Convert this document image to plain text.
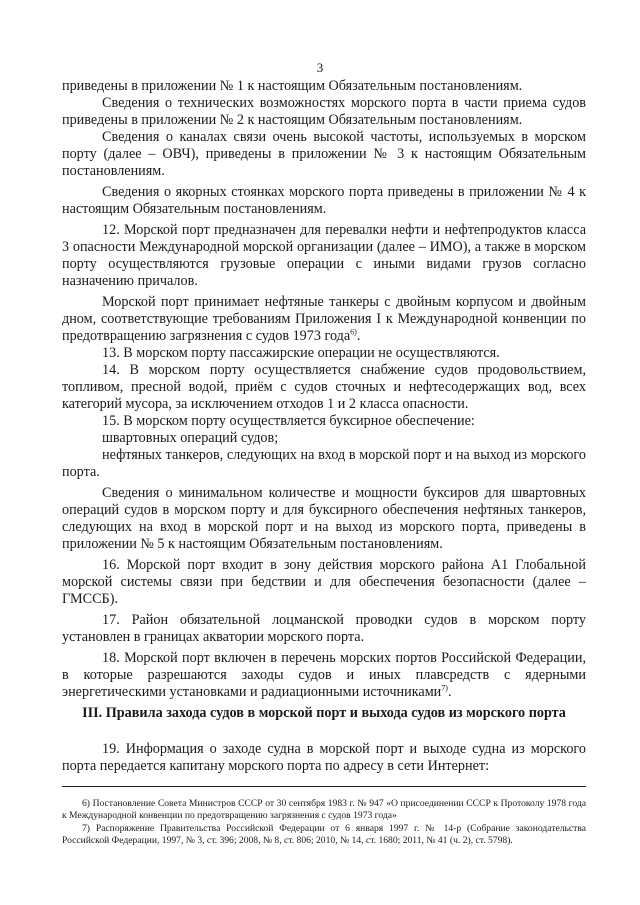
3

приведены в приложении № 1 к настоящим Обязательным постановлениям.

Сведения о технических возможностях морского порта в части приема судов приведены в приложении № 2 к настоящим Обязательным постановлениям.

Сведения о каналах связи очень высокой частоты, используемых в морском порту (далее – ОВЧ), приведены в приложении № 3 к настоящим Обязательным постановлениям.

Сведения о якорных стоянках морского порта приведены в приложении № 4 к настоящим Обязательным постановлениям.

12. Морской порт предназначен для перевалки нефти и нефтепродуктов класса 3 опасности Международной морской организации (далее – ИМО), а также в морском порту осуществляются грузовые операции с иными видами грузов согласно назначению причалов.

Морской порт принимает нефтяные танкеры с двойным корпусом и двойным дном, соответствующие требованиям Приложения I к Международной конвенции по предотвращению загрязнения с судов 1973 года$^{6)}$.

13. В морском порту пассажирские операции не осуществляются.

14. В морском порту осуществляется снабжение судов продовольствием, топливом, пресной водой, приём с судов сточных и нефтесодержащих вод, всех категорий мусора, за исключением отходов 1 и 2 класса опасности.

15. В морском порту осуществляется буксирное обеспечение:

швартовных операций судов;

нефтяных танкеров, следующих на вход в морской порт и на выход из морского порта.

Сведения о минимальном количестве и мощности буксиров для швартовных операций судов в морском порту и для буксирного обеспечения нефтяных танкеров, следующих на вход в морской порт и на выход из морского порта, приведены в приложении № 5 к настоящим Обязательным постановлениям.

16. Морской порт входит в зону действия морского района А1 Глобальной морской системы связи при бедствии и для обеспечения безопасности (далее – ГМССБ).

17. Район обязательной лоцманской проводки судов в морском порту установлен в границах акватории морского порта.

18. Морской порт включен в перечень морских портов Российской Федерации, в которые разрешаются заходы судов и иных плавсредств с ядерными энергетическими установками и радиационными источниками$^{7)}$.

III. Правила захода судов в морской порт и выхода судов из морского порта

19. Информация о заходе судна в морской порт и выходе судна из морского порта передается капитану морского порта по адресу в сети Интернет:

6) Постановление Совета Министров СССР от 30 сентября 1983 г. № 947 «О присоединении СССР к Протоколу 1978 года к Международной конвенции по предотвращению загрязнения с судов 1973 года»

7) Распоряжение Правительства Российской Федерации от 6 января 1997 г. № 14-р (Собрание законодательства Российской Федерации, 1997, № 3, ст. 396; 2008, № 8, ст. 806; 2010, № 14, ст. 1680; 2011, № 41 (ч. 2), ст. 5798).
